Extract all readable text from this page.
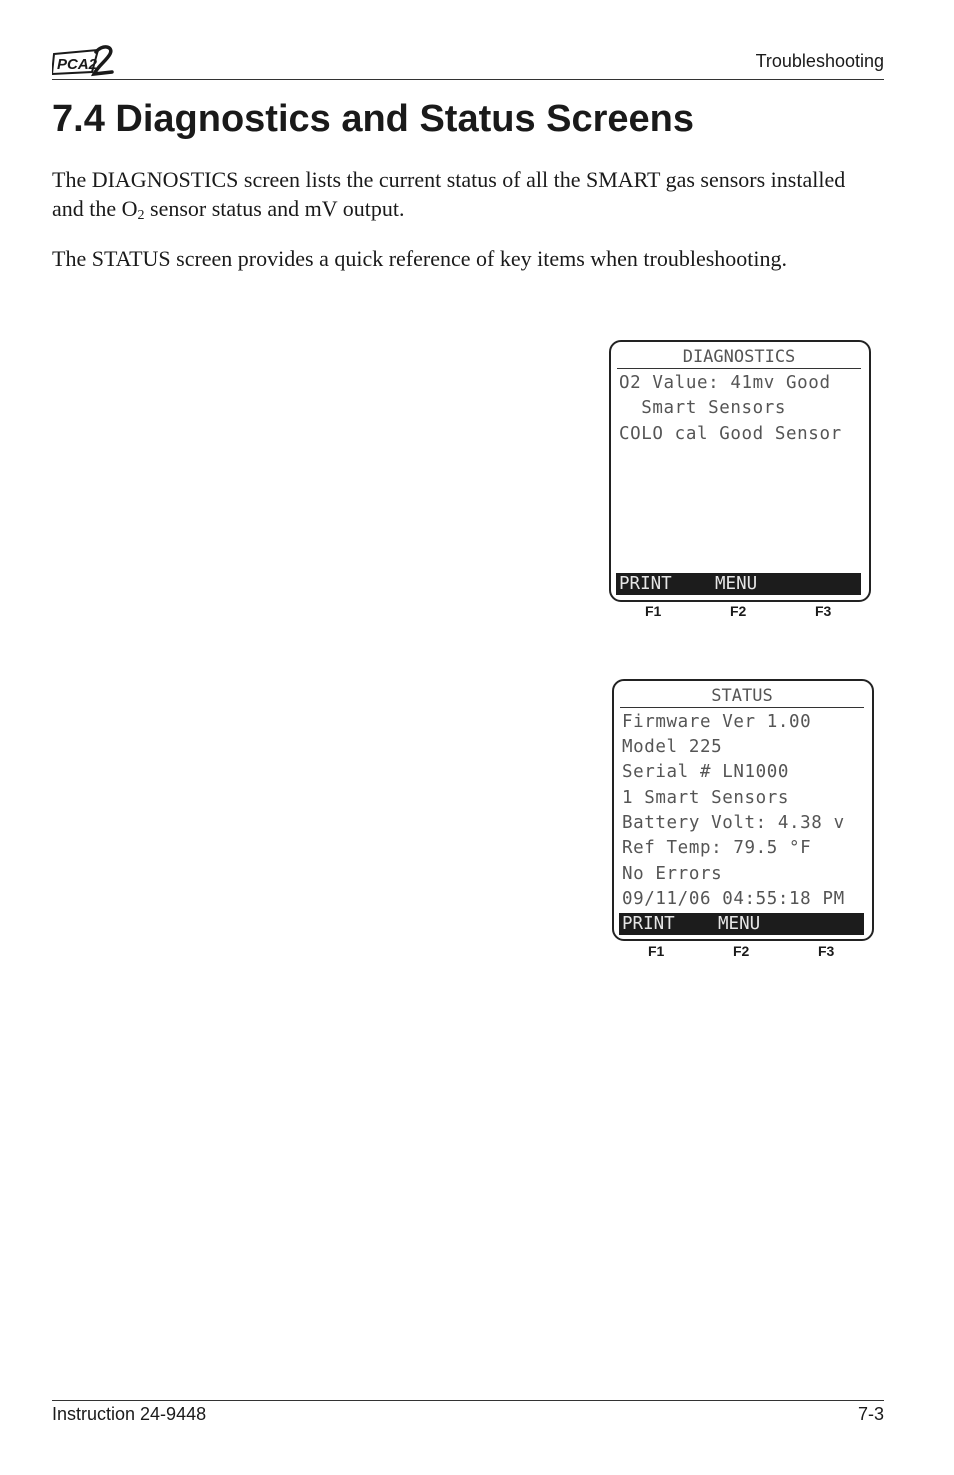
PCA2	Troubleshooting
7.4 Diagnostics and Status Screens

The DIAGNOSTICS screen lists the current status of all the SMART gas sensors installed and the $O_2$ sensor status and mV output.

The STATUS screen provides a quick reference of key items when troubleshooting.

DIAGNOSTICS
O2 Value: 41mv Good
Smart Sensors
COLO cal Good Sensor
PRINT MENU
F1	F2	F3
STATUS
Firmware Ver 1.00
Model 225
Serial # LN1000
1 Smart Sensors
Battery Volt: 4.38 v
Ref Temp: 79.5 °F
No Errors
09/11/06 04:55:18 PM
PRINT MENU
F1	F2	F3
Instruction 24-9448	7-3
